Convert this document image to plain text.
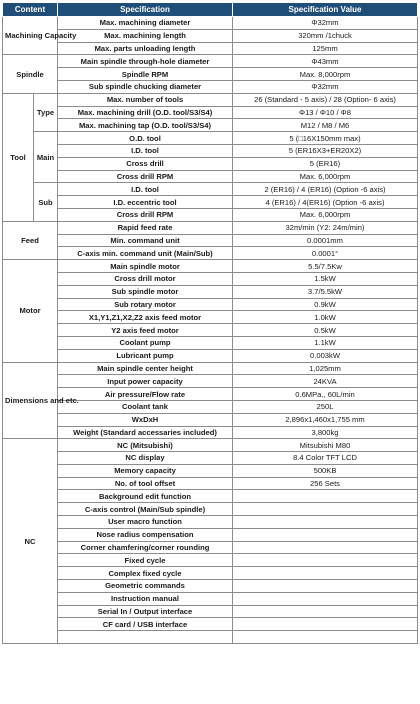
Content		Specification	Specification Value
Machining Capacity		Max. machining diameter	Φ32mm
		Max. machining length	320mm /1chuck
		Max. parts unloading length	125mm
Spindle		Main spindle through-hole diameter	Φ43mm
		Spindle RPM	Max. 8,000rpm
		Sub spindle chucking diameter	Φ32mm
Tool	Type	Max. number of tools	26 (Standard - 5 axis) / 28 (Option- 6 axis)
		Max. machining drill (O.D. tool/S3/S4)	Φ13 / Φ10 / Φ8
		Max. machining tap (O.D. tool/S3/S4)	M12 / M8 / M6
	Main	O.D. tool	5 (□16X150mm max)
		I.D. tool	5 (ER16X3+ER20X2)
		Cross drill	5 (ER16)
		Cross drill RPM	Max. 6,000rpm
	Sub	I.D. tool	2 (ER16) / 4 (ER16) (Option -6 axis)
		I.D. eccentric tool	4 (ER16) / 4(ER16) (Option -6 axis)
		Cross drill RPM	Max. 6,000rpm
Feed		Rapid feed rate	32m/min (Y2: 24m/min)
		Min. command unit	0.0001mm
		C-axis min. command unit (Main/Sub)	0.0001°
Motor		Main spindle motor	5.5/7.5Kw
		Cross drill motor	1.5kW
		Sub spindle motor	3.7/5.5kW
		Sub rotary motor	0.9kW
		X1,Y1,Z1,X2,Z2 axis feed motor	1.0kW
		Y2 axis feed motor	0.5kW
		Coolant pump	1.1kW
		Lubricant pump	0.003kW
Dimensions and etc.		Main spindle center height	1,025mm
		Input power capacity	24KVA
		Air pressure/Flow rate	0.6MPa., 60L/min
		Coolant tank	250L
		WxDxH	2,896x1,460x1,755 mm
		Weight (Standard accessaries included)	3,800kg
NC		NC (Mitsubishi)	Mitsubishi M80
		NC display	8.4 Color TFT LCD
		Memory capacity	500KB
		No. of tool offset	256 Sets
		Background edit function	
		C-axis control (Main/Sub spindle)	
		User macro function	
		Nose radius compensation	
		Corner chamfering/corner rounding	
		Fixed cycle	
		Complex fixed cycle	
		Geometric commands	
		Instruction manual	
		Serial In / Output interface	
		CF card / USB interface	
